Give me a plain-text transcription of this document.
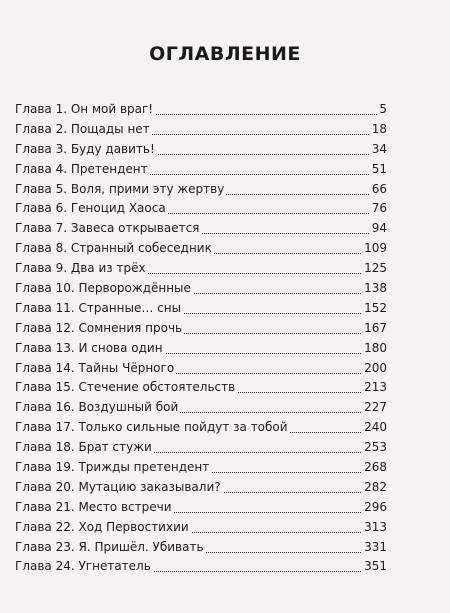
ОГЛАВЛЕНИЕ
Глава 1. Он мой враг!	5
Глава 2. Пощады нет	18
Глава 3. Буду давить!	34
Глава 4. Претендент	51
Глава 5. Воля, прими эту жертву	66
Глава 6. Геноцид Хаоса	76
Глава 7. Завеса открывается	94
Глава 8. Странный собеседник	109
Глава 9. Два из трёх	125
Глава 10. Перворождённые	138
Глава 11. Странные… сны	152
Глава 12. Сомнения прочь	167
Глава 13. И снова один	180
Глава 14. Тайны Чёрного	200
Глава 15. Стечение обстоятельств	213
Глава 16. Воздушный бой	227
Глава 17. Только сильные пойдут за тобой	240
Глава 18. Брат стужи	253
Глава 19. Трижды претендент	268
Глава 20. Мутацию заказывали?	282
Глава 21. Место встречи	296
Глава 22. Ход Первостихии	313
Глава 23. Я. Пришёл. Убивать	331
Глава 24. Угнетатель	351
